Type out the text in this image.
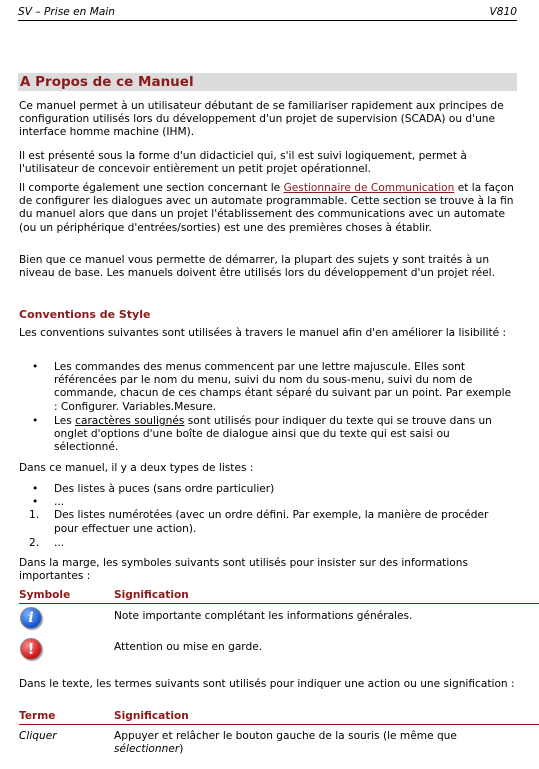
SV – Prise en Main	V810
A Propos de ce Manuel

Ce manuel permet à un utilisateur débutant de se familiariser rapidement aux principes de configuration utilisés lors du développement d'un projet de supervision (SCADA) ou d'une interface homme machine (IHM).

Il est présenté sous la forme d'un didacticiel qui, s'il est suivi logiquement, permet à l'utilisateur de concevoir entièrement un petit projet opérationnel.

Il comporte également une section concernant le Gestionnaire de Communication et la façon de configurer les dialogues avec un automate programmable. Cette section se trouve à la fin du manuel alors que dans un projet l'établissement des communications avec un automate (ou un périphérique d'entrées/sorties) est une des premières choses à établir.

Bien que ce manuel vous permette de démarrer, la plupart des sujets y sont traités à un niveau de base. Les manuels doivent être utilisés lors du développement d'un projet réel.

Conventions de Style

Les conventions suivantes sont utilisées à travers le manuel afin d'en améliorer la lisibilité :

• Les commandes des menus commencent par une lettre majuscule. Elles sont référencées par le nom du menu, suivi du nom du sous-menu, suivi du nom de commande, chacun de ces champs étant séparé du suivant par un point. Par exemple : Configurer. Variables.Mesure.
• Les caractères soulignés sont utilisés pour indiquer du texte qui se trouve dans un onglet d'options d'une boîte de dialogue ainsi que du texte qui est saisi ou sélectionné.

Dans ce manuel, il y a deux types de listes :

• Des listes à puces (sans ordre particulier)
• ...
1. Des listes numérotées (avec un ordre défini. Par exemple, la manière de procéder pour effectuer une action).
2. ...

Dans la marge, les symboles suivants sont utilisés pour insister sur des informations importantes :

Symbole	Signification
i	Note importante complétant les informations générales.
!	Attention ou mise en garde.

Dans le texte, les termes suivants sont utilisés pour indiquer une action ou une signification :

Terme	Signification
Cliquer	Appuyer et relâcher le bouton gauche de la souris (le même que
sélectionner)
